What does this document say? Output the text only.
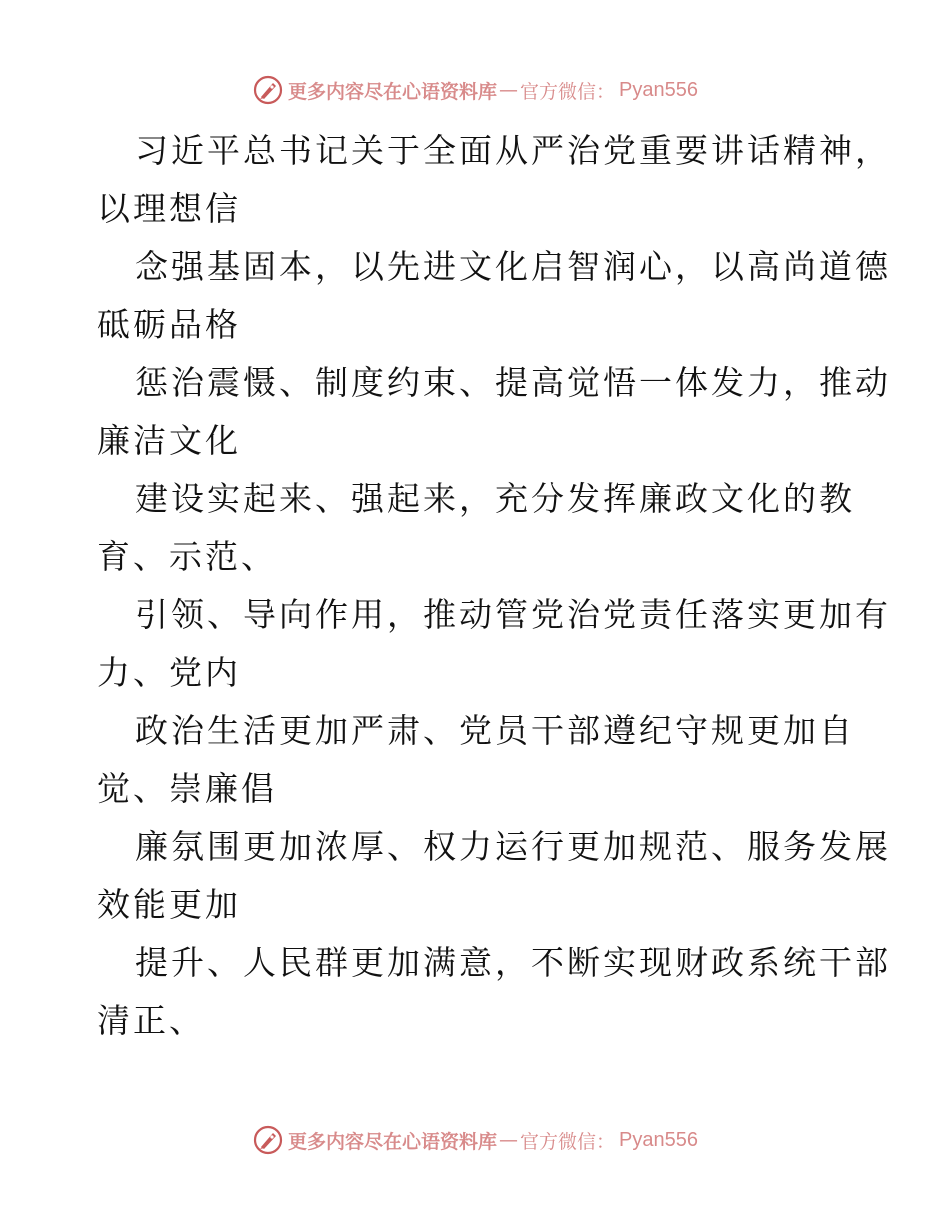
更多内容尽在心语资料库 — 官方微信： Pyan556
习近平总书记关于全面从严治党重要讲话精神，
以理想信
念强基固本，以先进文化启智润心，以高尚道德
砥砺品格
惩治震慑、制度约束、提高觉悟一体发力，推动
廉洁文化
建设实起来、强起来，充分发挥廉政文化的教
育、示范、
引领、导向作用，推动管党治党责任落实更加有
力、党内
政治生活更加严肃、党员干部遵纪守规更加自
觉、崇廉倡
廉氛围更加浓厚、权力运行更加规范、服务发展
效能更加
提升、人民群更加满意，不断实现财政系统干部
清正、
更多内容尽在心语资料库 — 官方微信： Pyan556
